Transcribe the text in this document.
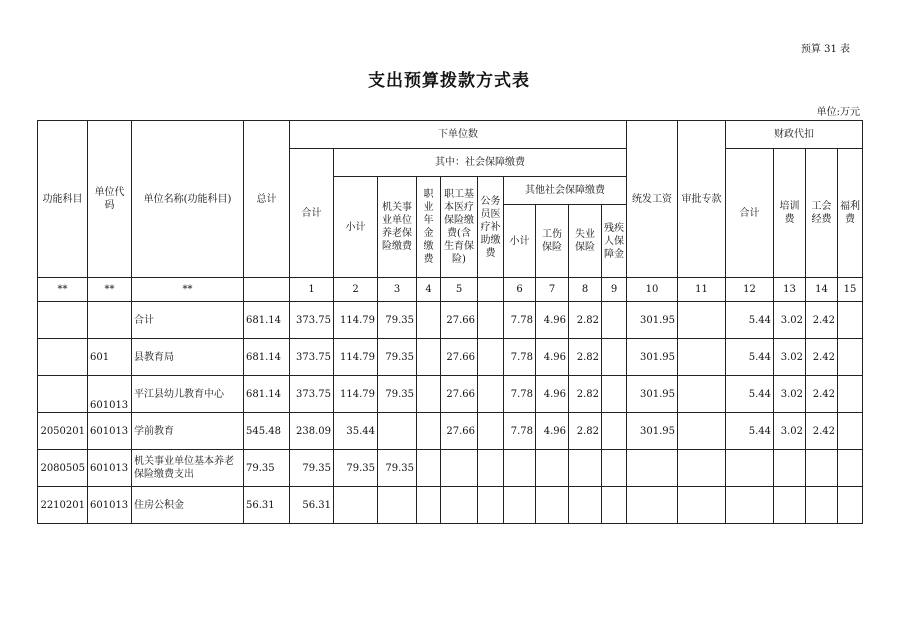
预算 31 表
支出预算拨款方式表
单位:万元
功能科目	单位代码	单位名称(功能科目)	总计	下单位数										统发工资	审批专款	财政代扣			
				合计	其中：社会保障缴费											合计	培训费	工会经费	福利费
					小计	机关事业单位养老保险缴费	职业年金缴费	职工基本医疗保险缴费(含生育保险)	公务员医疗补助缴费	其他社会保障缴费									
										小计	工伤保险	失业保险	残疾人保障金						
**	**	**		1	2	3	4	5		6	7	8	9	10	11	12	13	14	15
		合计	681.14	373.75	114.79	79.35		27.66		7.78	4.96	2.82		301.95		5.44	3.02	2.42	
	601	县教育局	681.14	373.75	114.79	79.35		27.66		7.78	4.96	2.82		301.95		5.44	3.02	2.42	
	601013	平江县幼儿教育中心	681.14	373.75	114.79	79.35		27.66		7.78	4.96	2.82		301.95		5.44	3.02	2.42	
2050201	601013	学前教育	545.48	238.09	35.44			27.66		7.78	4.96	2.82		301.95		5.44	3.02	2.42	
2080505	601013	机关事业单位基本养老保险缴费支出	79.35	79.35	79.35	79.35													
2210201	601013	住房公积金	56.31	56.31															
